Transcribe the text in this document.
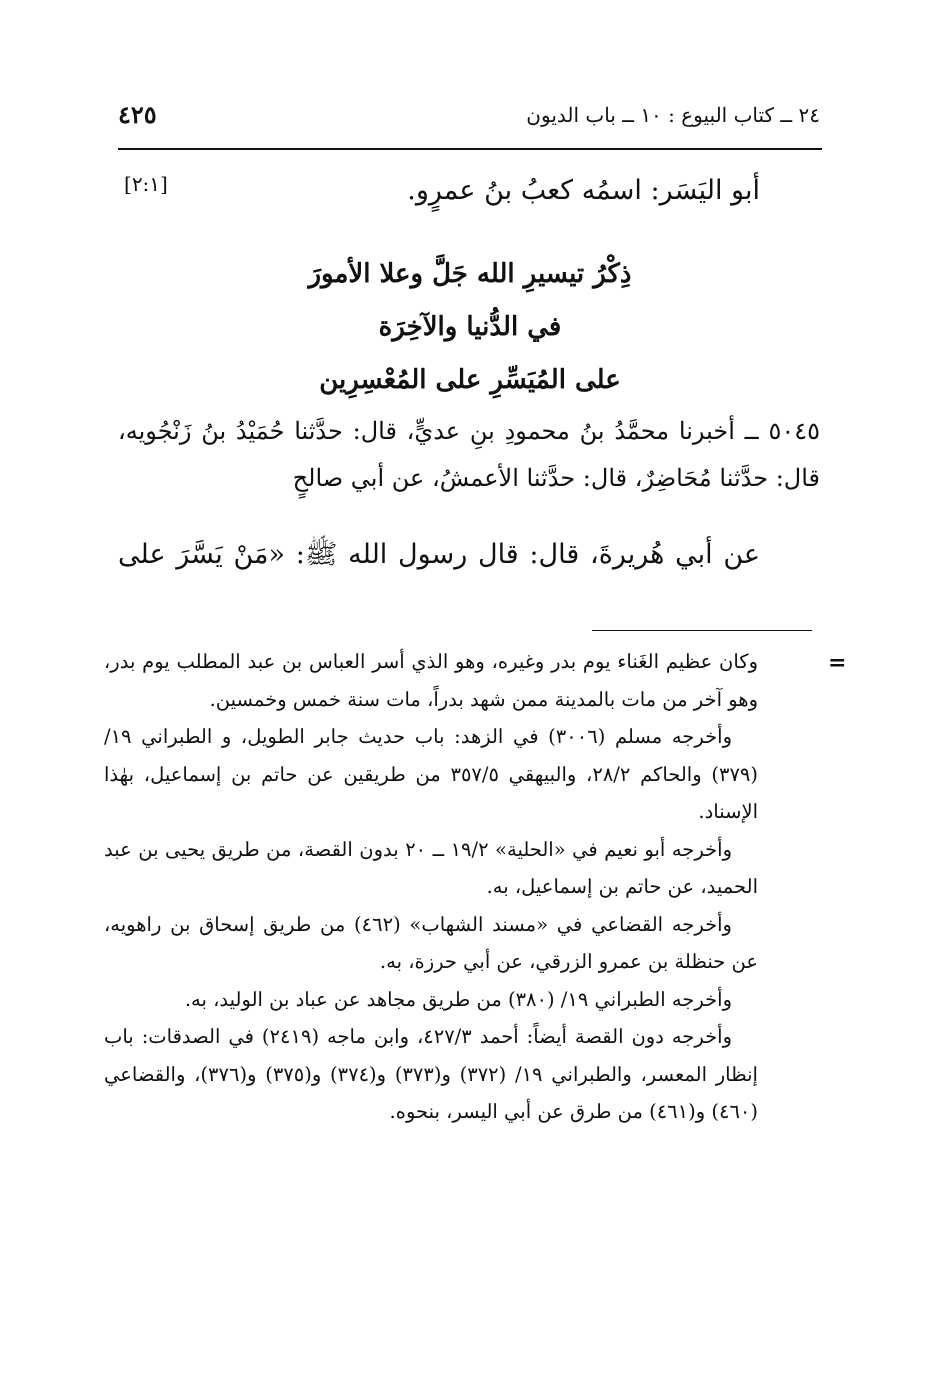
٢٤ ــ كتاب البيوع : ١٠ ــ باب الديون
٤٢٥
أبو اليَسَر: اسمُه كعبُ بنُ عمرٍو.
[٢:١]
ذِكْرُ تيسيرِ الله جَلَّ وعلا الأمورَ
في الدُّنيا والآخِرَة
على المُيَسِّرِ على المُعْسِرِين
٥٠٤٥ ــ أخبرنا محمَّدُ بنُ محمودِ بنِ عديٍّ، قال: حدَّثنا حُمَيْدُ بنُ زَنْجُويه، قال: حدَّثنا مُحَاضِرٌ، قال: حدَّثنا الأعمشُ، عن أبي صالحٍ
عن أبي هُريرةَ، قال: قال رسول الله ﷺ: «مَنْ يَسَّرَ على
=

وكان عظيم الغَناء يوم بدر وغيره، وهو الذي أسر العباس بن عبد المطلب يوم بدر، وهو آخر من مات بالمدينة ممن شهد بدراً، مات سنة خمس وخمسين.

وأخرجه مسلم (٣٠٠٦) في الزهد: باب حديث جابر الطويل، و الطبراني ١٩/ (٣٧٩) والحاكم ٢٨/٢، والبيهقي ٣٥٧/٥ من طريقين عن حاتم بن إسماعيل، بهٰذا الإسناد.

وأخرجه أبو نعيم في «الحلية» ١٩/٢ ــ ٢٠ بدون القصة، من طريق يحيى بن عبد الحميد، عن حاتم بن إسماعيل، به.

وأخرجه القضاعي في «مسند الشهاب» (٤٦٢) من طريق إسحاق بن راهويه، عن حنظلة بن عمرو الزرقي، عن أبي حرزة، به.

وأخرجه الطبراني ١٩/ (٣٨٠) من طريق مجاهد عن عباد بن الوليد، به.

وأخرجه دون القصة أيضاً: أحمد ٤٢٧/٣، وابن ماجه (٢٤١٩) في الصدقات: باب إنظار المعسر، والطبراني ١٩/ (٣٧٢) و(٣٧٣) و(٣٧٤) و(٣٧٥) و(٣٧٦)، والقضاعي (٤٦٠) و(٤٦١) من طرق عن أبي اليسر، بنحوه.
